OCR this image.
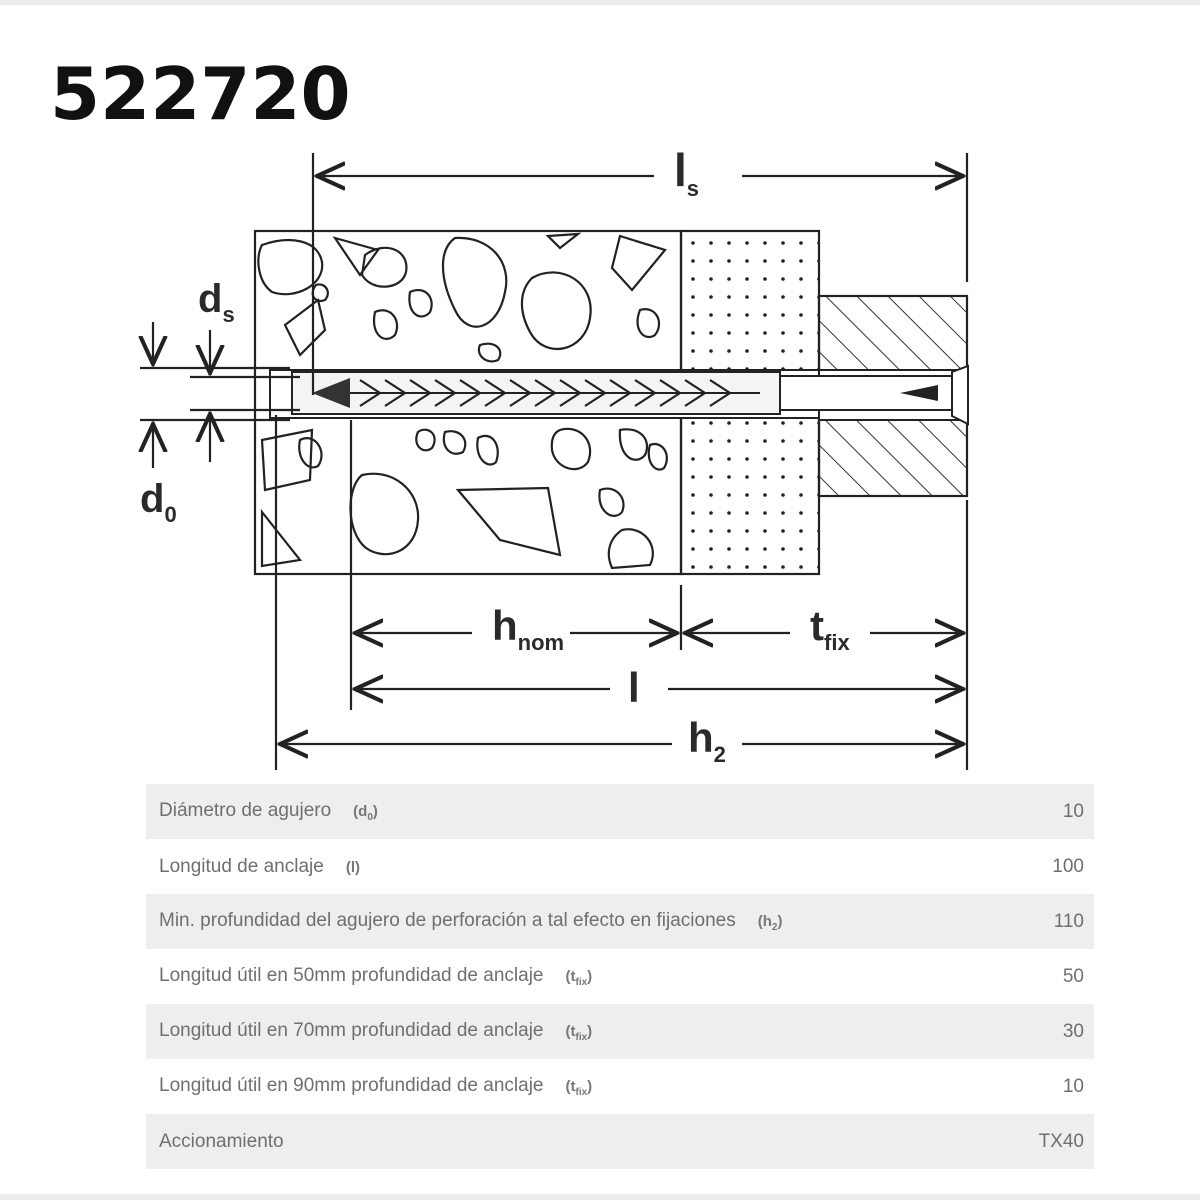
522720
$l_s$
$d_s$
$d_0$
$h_{nom}$	$t_{fix}$
l
$h_2$
Diámetro de agujero $(d_0)$	10
Longitud de anclaje (l)	100
Min. profundidad del agujero de perforación a tal efecto en fijaciones $(h_2)$	110
Longitud útil en 50mm profundidad de anclaje $(t_{fix})$	50
Longitud útil en 70mm profundidad de anclaje $(t_{fix})$	30
Longitud útil en 90mm profundidad de anclaje $(t_{fix})$	10
Accionamiento	TX40
